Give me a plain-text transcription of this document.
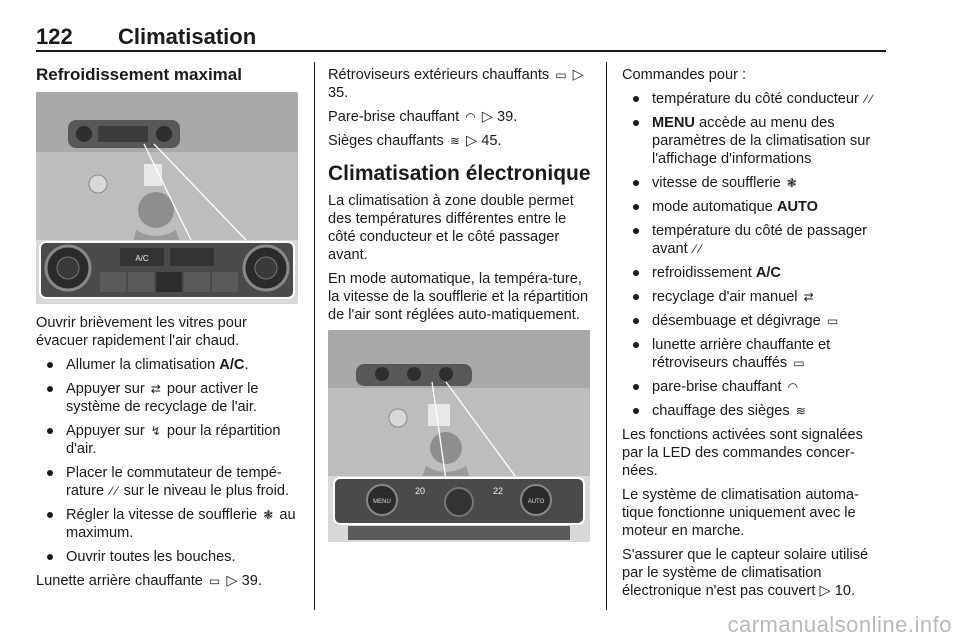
122 Climatisation
Refroidissement maximal
A/C

Ouvrir brièvement les vitres pour évacuer rapidement l'air chaud.

Allumer la climatisation A/C.
Appuyer sur ⇄ pour activer le système de recyclage de l'air.
Appuyer sur ↯ pour la répartition d'air.
Placer le commutateur de tempé-rature ⁄ ⁄ sur le niveau le plus froid.
Régler la vitesse de soufflerie ❃ au maximum.
Ouvrir toutes les bouches.

Lunette arrière chauffante ▭ ▷ 39.

Rétroviseurs extérieurs chauffants ▭ ▷ 35.

Pare-brise chauffant ◠ ▷ 39.

Sièges chauffants ≋ ▷ 45.

Climatisation électronique

La climatisation à zone double permet des températures différentes entre le côté conducteur et le côté passager avant.

En mode automatique, la tempéra-ture, la vitesse de la soufflerie et la répartition de l'air sont réglées auto-matiquement.

MENU	AUTO
20	22

Commandes pour :

température du côté conducteur ⁄ ⁄
MENU accède au menu des paramètres de la climatisation sur l'affichage d'informations
vitesse de soufflerie ❃
mode automatique AUTO
température du côté de passager avant ⁄ ⁄
refroidissement A/C
recyclage d'air manuel ⇄
désembuage et dégivrage ▭
lunette arrière chauffante et rétroviseurs chauffés ▭
pare-brise chauffant ◠
chauffage des sièges ≋

Les fonctions activées sont signalées par la LED des commandes concer-nées.

Le système de climatisation automa-tique fonctionne uniquement avec le moteur en marche.

S'assurer que le capteur solaire utilisé par le système de climatisation électronique n'est pas couvert ▷ 10.

carmanualsonline.info
